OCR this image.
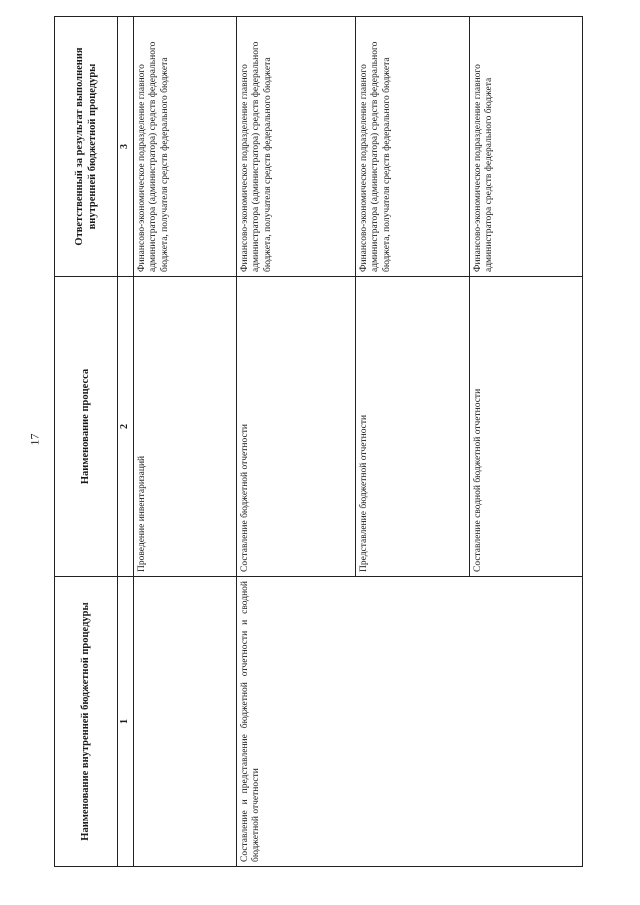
17
Наименование внутренней бюджетной процедуры	Наименование процесса	Ответственный за результат выполнения внутренней бюджетной процедуры
1	2	3
	Проведение инвентаризаций	Финансово-экономическое подразделение главного администратора (администратора) средств федерального бюджета, получателя средств федерального бюджета
Составление и представление бюджетной отчетности и сводной бюджетной отчетности	Составление бюджетной отчетности	Финансово-экономическое подразделение главного администратора (администратора) средств федерального бюджета, получателя средств федерального бюджета
	Представление бюджетной отчетности	Финансово-экономическое подразделение главного администратора (администратора) средств федерального бюджета, получателя средств федерального бюджета
	Составление сводной бюджетной отчетности	Финансово-экономическое подразделение главного администратора средств федерального бюджета
